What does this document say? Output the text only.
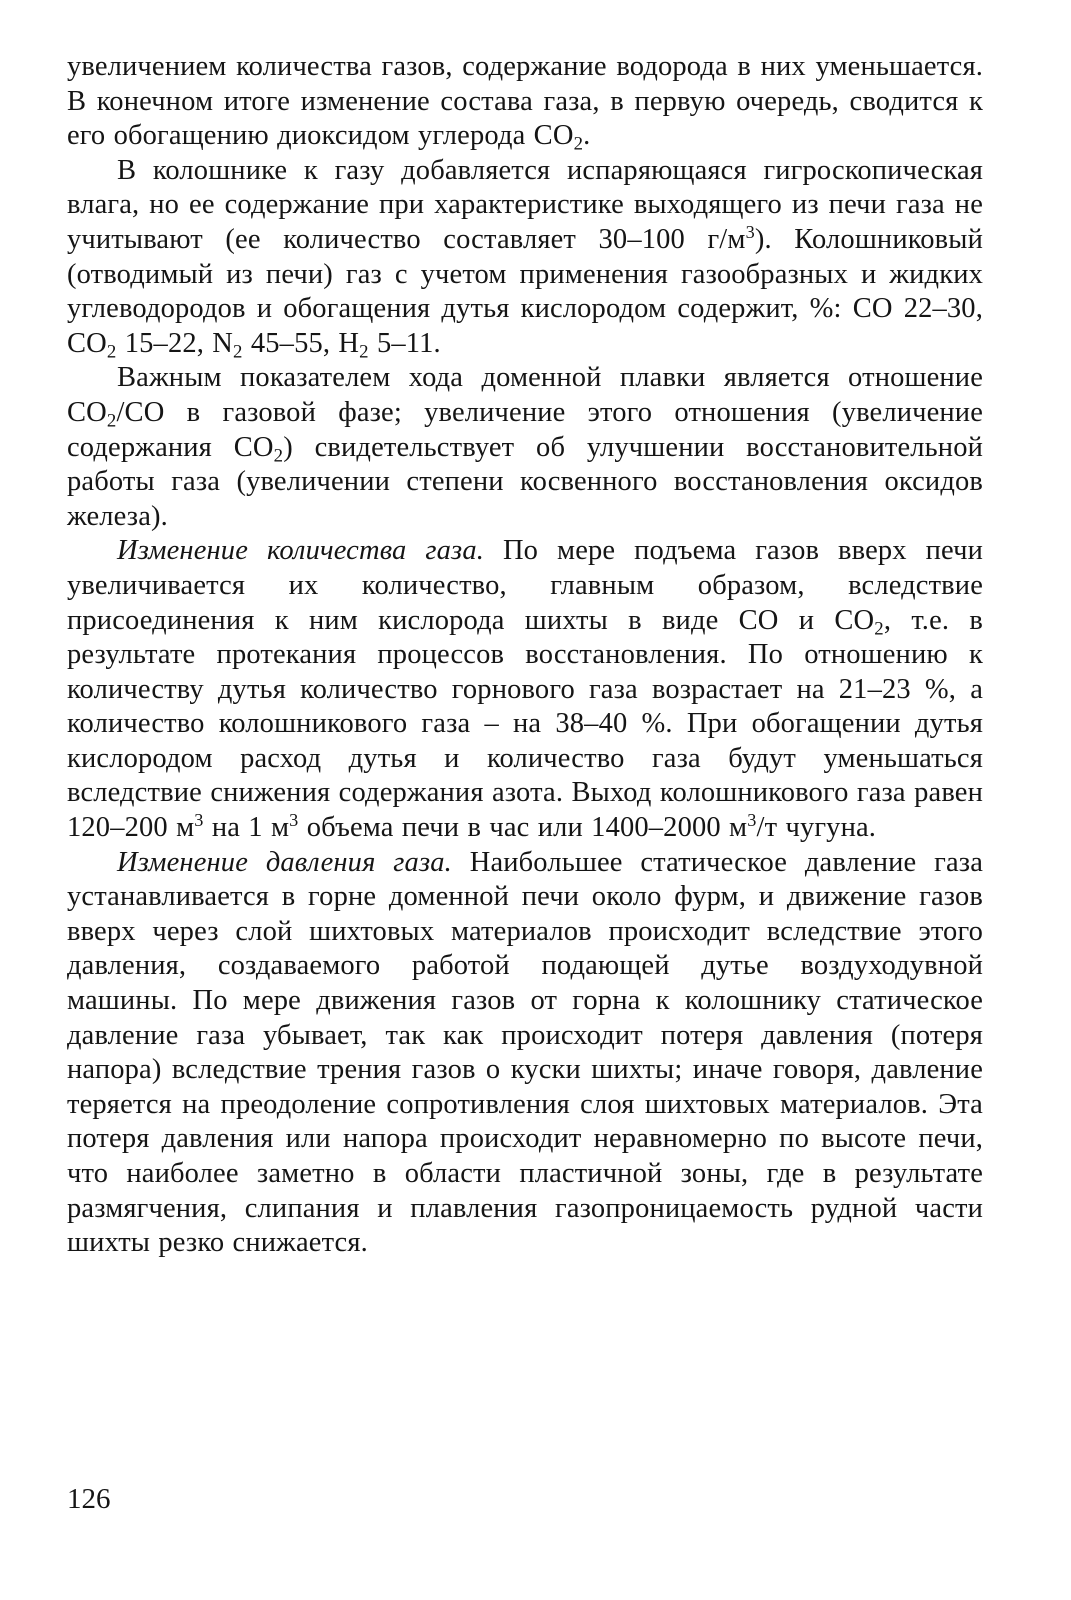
увеличением количества газов, содержание водорода в них уменьшается. В конечном итоге изменение состава газа, в первую очередь, сводится к его обогащению диоксидом углерода $CO_2$.

В колошнике к газу добавляется испаряющаяся гигроскопическая влага, но ее содержание при характеристике выходящего из печи газа не учитывают (ее количество составляет 30–100 $г/м^3$). Колошниковый (отводимый из печи) газ с учетом применения газообразных и жидких углеводородов и обогащения дутья кислородом содержит, %: CO 22–30, $CO_2$ 15–22, $N_2$ 45–55, $H_2$ 5–11.

Важным показателем хода доменной плавки является отношение $CO_2/CO$ в газовой фазе; увеличение этого отношения (увеличение содержания $CO_2$) свидетельствует об улучшении восстановительной работы газа (увеличении степени косвенного восстановления оксидов железа).

Изменение количества газа. По мере подъема газов вверх печи увеличивается их количество, главным образом, вследствие присоединения к ним кислорода шихты в виде CO и $CO_2$, т.е. в результате протекания процессов восстановления. По отношению к количеству дутья количество горнового газа возрастает на 21–23 %, а количество колошникового газа – на 38–40 %. При обогащении дутья кислородом расход дутья и количество газа будут уменьшаться вследствие снижения содержания азота. Выход колошникового газа равен 120–200 $м^3$ на 1 $м^3$ объема печи в час или 1400–2000 $м^3/т$ чугуна.

Изменение давления газа. Наибольшее статическое давление газа устанавливается в горне доменной печи около фурм, и движение газов вверх через слой шихтовых материалов происходит вследствие этого давления, создаваемого работой подающей дутье воздуходувной машины. По мере движения газов от горна к колошнику статическое давление газа убывает, так как происходит потеря давления (потеря напора) вследствие трения газов о куски шихты; иначе говоря, давление теряется на преодоление сопротивления слоя шихтовых материалов. Эта потеря давления или напора происходит неравномерно по высоте печи, что наиболее заметно в области пластичной зоны, где в результате размягчения, слипания и плавления газопроницаемость рудной части шихты резко снижается.

126
